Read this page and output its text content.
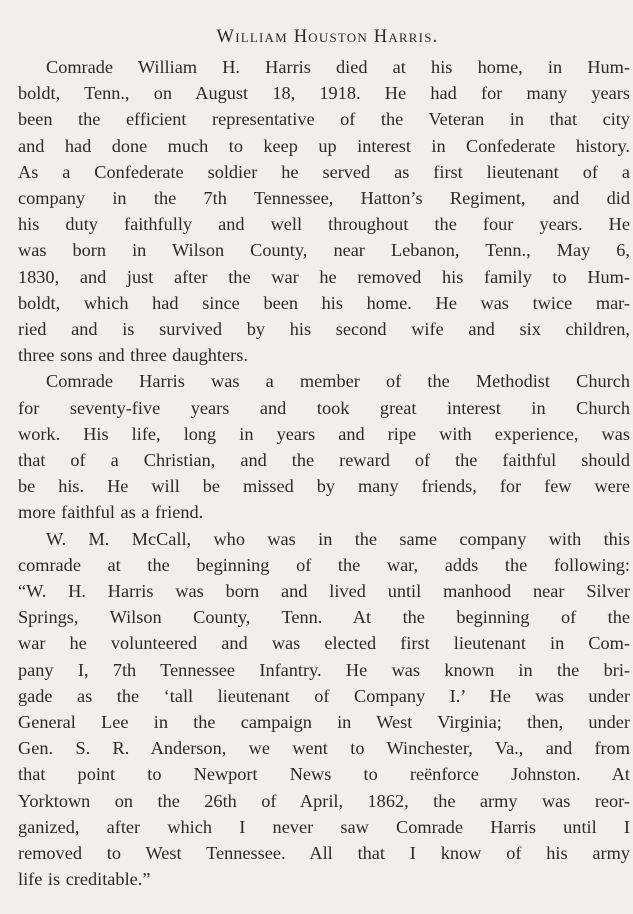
William Houston Harris.
Comrade William H. Harris died at his home, in Hum-
boldt, Tenn., on August 18, 1918. He had for many years
been the efficient representative of the Veteran in that city
and had done much to keep up interest in Confederate history.
As a Confederate soldier he served as first lieutenant of a
company in the 7th Tennessee, Hatton’s Regiment, and did
his duty faithfully and well throughout the four years. He
was born in Wilson County, near Lebanon, Tenn., May 6,
1830, and just after the war he removed his family to Hum-
boldt, which had since been his home. He was twice mar-
ried and is survived by his second wife and six children,
three sons and three daughters.
Comrade Harris was a member of the Methodist Church
for seventy-five years and took great interest in Church
work. His life, long in years and ripe with experience, was
that of a Christian, and the reward of the faithful should
be his. He will be missed by many friends, for few were
more faithful as a friend.
W. M. McCall, who was in the same company with this
comrade at the beginning of the war, adds the following:
“W. H. Harris was born and lived until manhood near Silver
Springs, Wilson County, Tenn. At the beginning of the
war he volunteered and was elected first lieutenant in Com-
pany I, 7th Tennessee Infantry. He was known in the bri-
gade as the ‘tall lieutenant of Company I.’ He was under
General Lee in the campaign in West Virginia; then, under
Gen. S. R. Anderson, we went to Winchester, Va., and from
that point to Newport News to reënforce Johnston. At
Yorktown on the 26th of April, 1862, the army was reor-
ganized, after which I never saw Comrade Harris until I
removed to West Tennessee. All that I know of his army
life is creditable.”
